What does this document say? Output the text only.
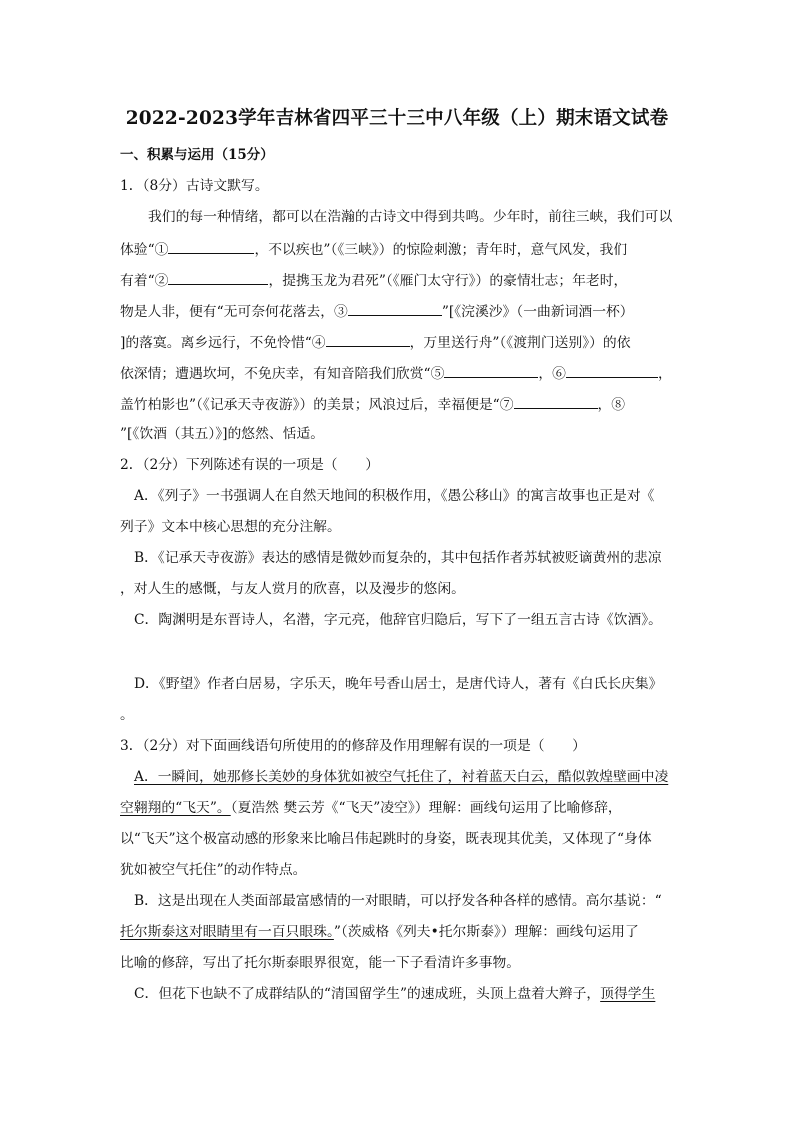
2022-2023学年吉林省四平三十三中八年级（上）期末语文试卷
一、积累与运用（15分）
1．（8分）古诗文默写。
我们的每一种情绪，都可以在浩瀚的古诗文中得到共鸣。少年时，前往三峡，我们可以
体验“①	，不以疾也”（《三峡》）的惊险刺激；青年时，意气风发，我们
有着“②	，提携玉龙为君死”（《雁门太守行》）的豪情壮志；年老时，
物是人非，便有“无可奈何花落去，③	”[《浣溪沙》（一曲新词酒一杯）
]的落寞。离乡远行，不免怜惜“④	，万里送行舟”（《渡荆门送别》）的依
依深情；遭遇坎坷，不免庆幸，有知音陪我们欣赏“⑤	，⑥	，
盖竹柏影也”（《记承天寺夜游》）的美景；风浪过后，幸福便是“⑦	，⑧
”[《饮酒（其五）》]的悠然、恬适。
2．（2分）下列陈述有误的一项是（　　）
A．《列子》一书强调人在自然天地间的积极作用，《愚公移山》的寓言故事也正是对《
列子》文本中核心思想的充分注解。
B．《记承天寺夜游》表达的感情是微妙而复杂的，其中包括作者苏轼被贬谪黄州的悲凉
，对人生的感慨，与友人赏月的欣喜，以及漫步的悠闲。
C．陶渊明是东晋诗人，名潜，字元亮，他辞官归隐后，写下了一组五言古诗《饮酒》。
D．《野望》作者白居易，字乐天，晚年号香山居士，是唐代诗人，著有《白氏长庆集》
。
3．（2分）对下面画线语句所使用的的修辞及作用理解有误的一项是（　　）
A．一瞬间，她那修长美妙的身体犹如被空气托住了，衬着蓝天白云，酷似敦煌壁画中凌
空翱翔的“飞天”。（夏浩然 樊云芳《“飞天”凌空》）理解：画线句运用了比喻修辞，
以“飞天”这个极富动感的形象来比喻吕伟起跳时的身姿，既表现其优美，又体现了“身体
犹如被空气托住”的动作特点。
B．这是出现在人类面部最富感情的一对眼睛，可以抒发各种各样的感情。高尔基说：“
托尔斯泰这对眼睛里有一百只眼珠。”（茨威格《列夫•托尔斯泰》）理解：画线句运用了
比喻的修辞，写出了托尔斯泰眼界很宽，能一下子看清许多事物。
C．但花下也缺不了成群结队的“清国留学生”的速成班，头顶上盘着大辫子，顶得学生
